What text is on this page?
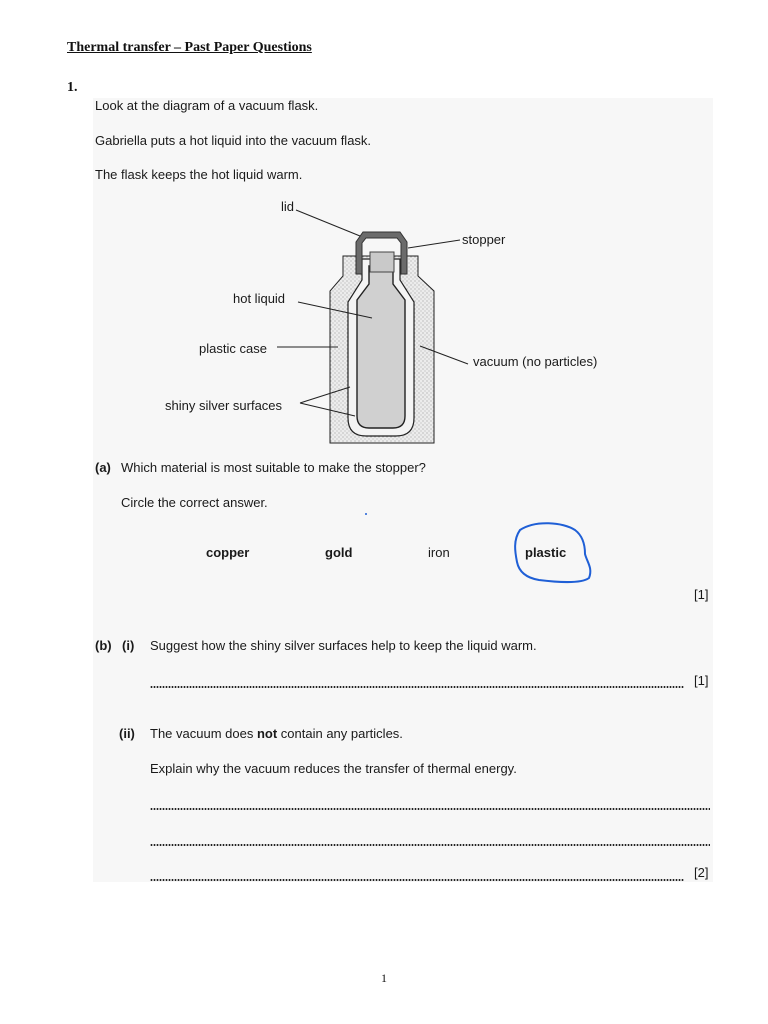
Thermal transfer – Past Paper Questions
1.
Look at the diagram of a vacuum flask.
Gabriella puts a hot liquid into the vacuum flask.
The flask keeps the hot liquid warm.
lid
stopper
hot liquid
plastic case
vacuum (no particles)
shiny silver surfaces
(a) Which material is most suitable to make the stopper?
Circle the correct answer.
copper	gold	iron	plastic
[1]
(b) (i) Suggest how the shiny silver surfaces help to keep the liquid warm.
[1]
(ii) The vacuum does not contain any particles.
Explain why the vacuum reduces the transfer of thermal energy.
[2]
1
